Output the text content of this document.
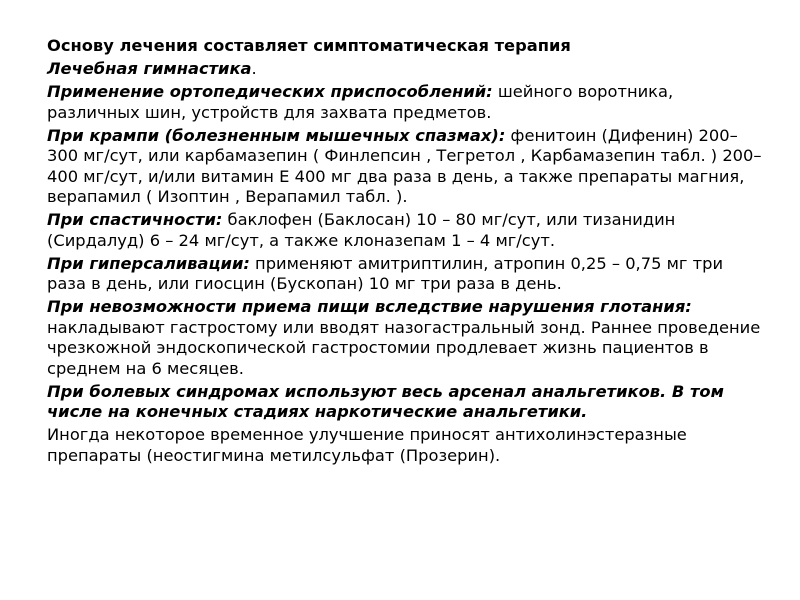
Основу лечения составляет симптоматическая терапия

Лечебная гимнастика.

Применение ортопедических приспособлений: шейного воротника, различных шин, устройств для захвата предметов.

При крампи (болезненным мышечных спазмах): фенитоин (Дифенин) 200–300 мг/сут, или карбамазепин ( Финлепсин , Тегретол , Карбамазепин табл. ) 200–400 мг/сут, и/или витамин Е 400 мг два раза в день, а также препараты магния, верапамил ( Изоптин , Верапамил табл. ).

При спастичности: баклофен (Баклосан) 10 – 80 мг/сут, или тизанидин (Сирдалуд) 6 – 24 мг/сут, а также клоназепам 1 – 4 мг/сут.

При гиперсаливации: применяют амитриптилин, атропин 0,25 – 0,75 мг три раза в день, или гиосцин (Бускопан) 10 мг три раза в день.

При невозможности приема пищи вследствие нарушения глотания: накладывают гастростому или вводят назогастральный зонд. Раннее проведение чрезкожной эндоскопической гастростомии продлевает жизнь пациентов в среднем на 6 месяцев.

При болевых синдромах используют весь арсенал анальгетиков. В том числе на конечных стадиях наркотические анальгетики.

Иногда некоторое временное улучшение приносят антихолинэстеразные препараты (неостигмина метилсульфат (Прозерин).
